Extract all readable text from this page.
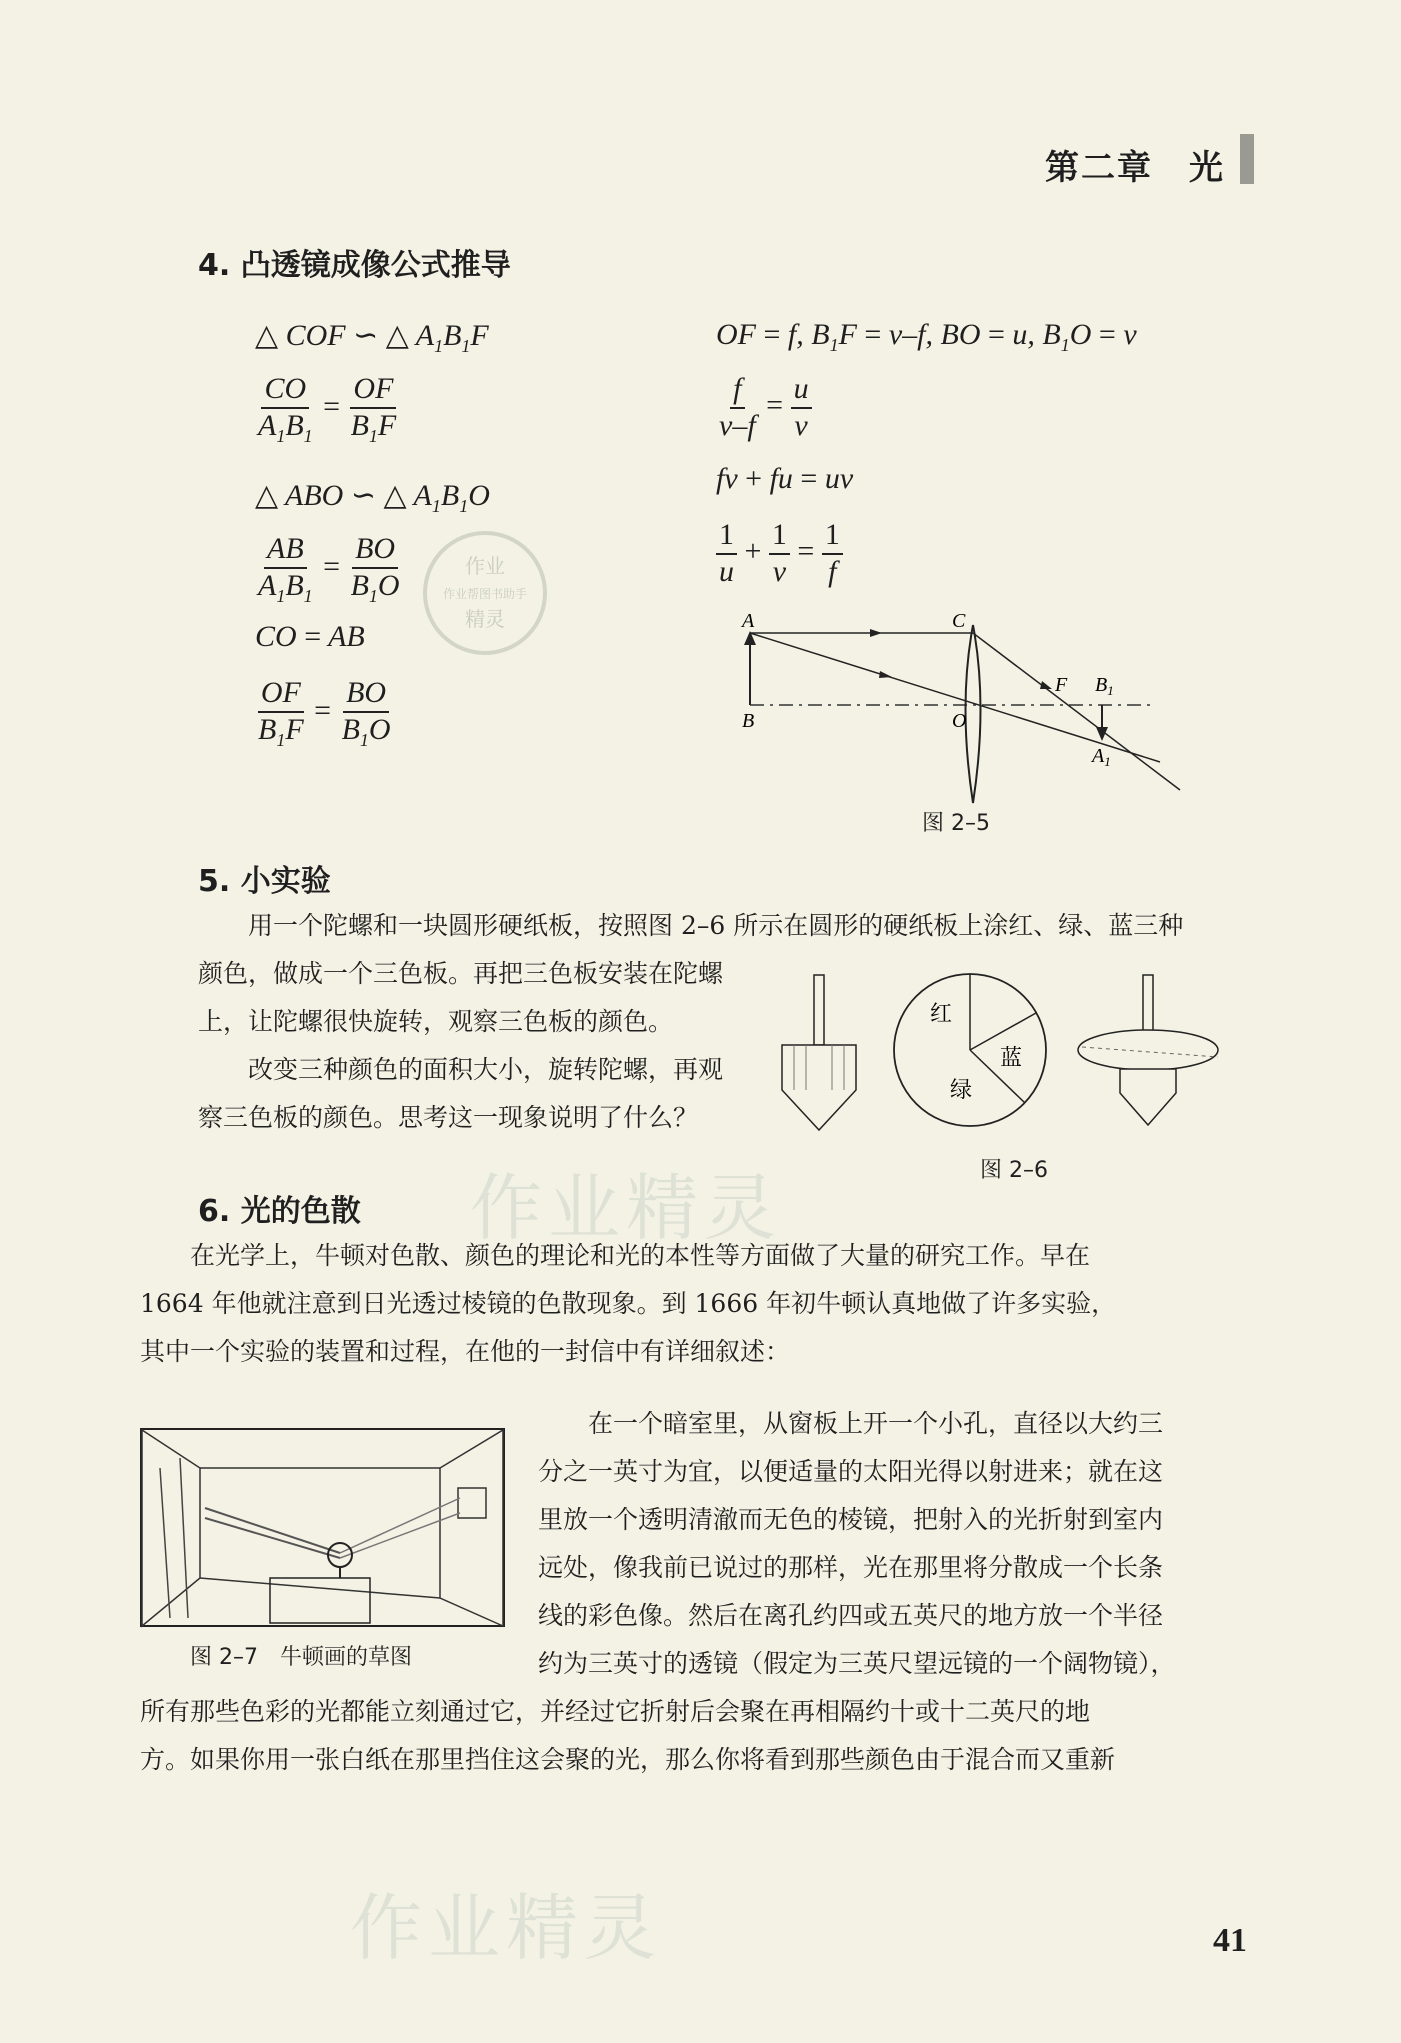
第二章　光
4. 凸透镜成像公式推导
△ COF ∽ △ $A_1B_1F$
$\frac{CO}{A_1B_1} = \frac{OF}{B_1F}$
△ ABO ∽ △ $A_1B_1O$
$\frac{AB}{A_1B_1} = \frac{BO}{B_1O}$
CO = AB
$\frac{OF}{B_1F} = \frac{BO}{B_1O}$
作业
作业帮图书助手
精灵
OF = f, $B_1F = v-f$, BO = u, $B_1O = v$
$\frac{f}{v-f} = \frac{u}{v}$
fv + fu = uv
$\frac{1}{u} + \frac{1}{v} = \frac{1}{f}$
A
B
C
O
F $B_1$
$A_1$
图 2–5
5. 小实验
用一个陀螺和一块圆形硬纸板，按照图 2–6 所示在圆形的硬纸板上涂红、绿、蓝三种
颜色，做成一个三色板。再把三色板安装在陀螺
上，让陀螺很快旋转，观察三色板的颜色。
改变三种颜色的面积大小，旋转陀螺，再观
察三色板的颜色。思考这一现象说明了什么？
红
蓝
绿
图 2–6
6. 光的色散 作业精灵
在光学上，牛顿对色散、颜色的理论和光的本性等方面做了大量的研究工作。早在
1664 年他就注意到日光透过棱镜的色散现象。到 1666 年初牛顿认真地做了许多实验，
其中一个实验的装置和过程，在他的一封信中有详细叙述：
图 2–7　牛顿画的草图
在一个暗室里，从窗板上开一个小孔，直径以大约三
分之一英寸为宜，以便适量的太阳光得以射进来；就在这
里放一个透明清澈而无色的棱镜，把射入的光折射到室内
远处，像我前已说过的那样，光在那里将分散成一个长条
线的彩色像。然后在离孔约四或五英尺的地方放一个半径
约为三英寸的透镜（假定为三英尺望远镜的一个阔物镜），
所有那些色彩的光都能立刻通过它，并经过它折射后会聚在再相隔约十或十二英尺的地
方。如果你用一张白纸在那里挡住这会聚的光，那么你将看到那些颜色由于混合而又重新
作业精灵	41
